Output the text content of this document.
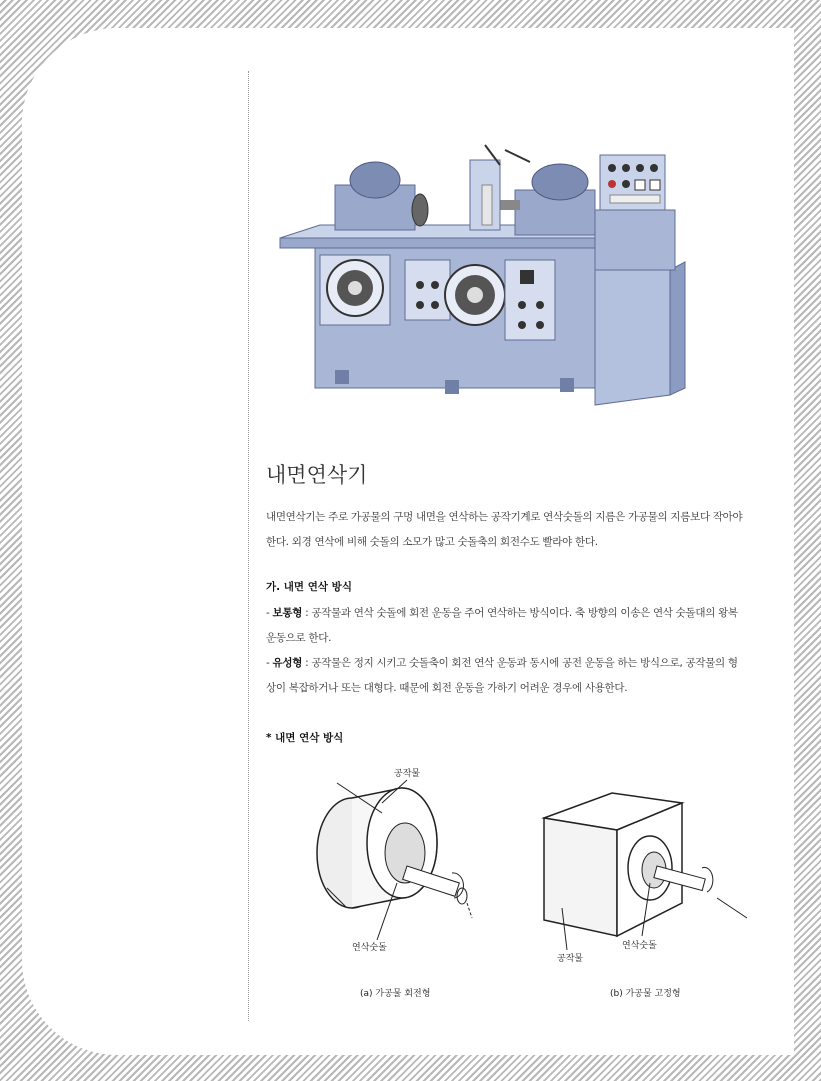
내면연삭기
내면연삭기는 주로 가공물의 구멍 내면을 연삭하는 공작기계로 연삭숫돌의 지름은 가공물의 지름보다 작아야한다. 외경 연삭에 비해 숫돌의 소모가 많고 숫돌축의 회전수도 빨라야 한다.
가. 내면 연삭 방식
- 보통형 : 공작물과 연삭 숫돌에 회전 운동을 주어 연삭하는 방식이다. 축 방향의 이송은 연삭 숫돌대의 왕복운동으로 한다.
- 유성형 : 공작물은 정지 시키고 숫돌축이 회전 연삭 운동과 동시에 공전 운동을 하는 방식으로, 공작물의 형상이 복잡하거나 또는 대형다. 때문에 회전 운동을 가하기 어려운 경우에 사용한다.
* 내면 연삭 방식
공작물
연삭숫돌
(a) 가공물 회전형
공작물
연삭숫돌
(b) 가공물 고정형
